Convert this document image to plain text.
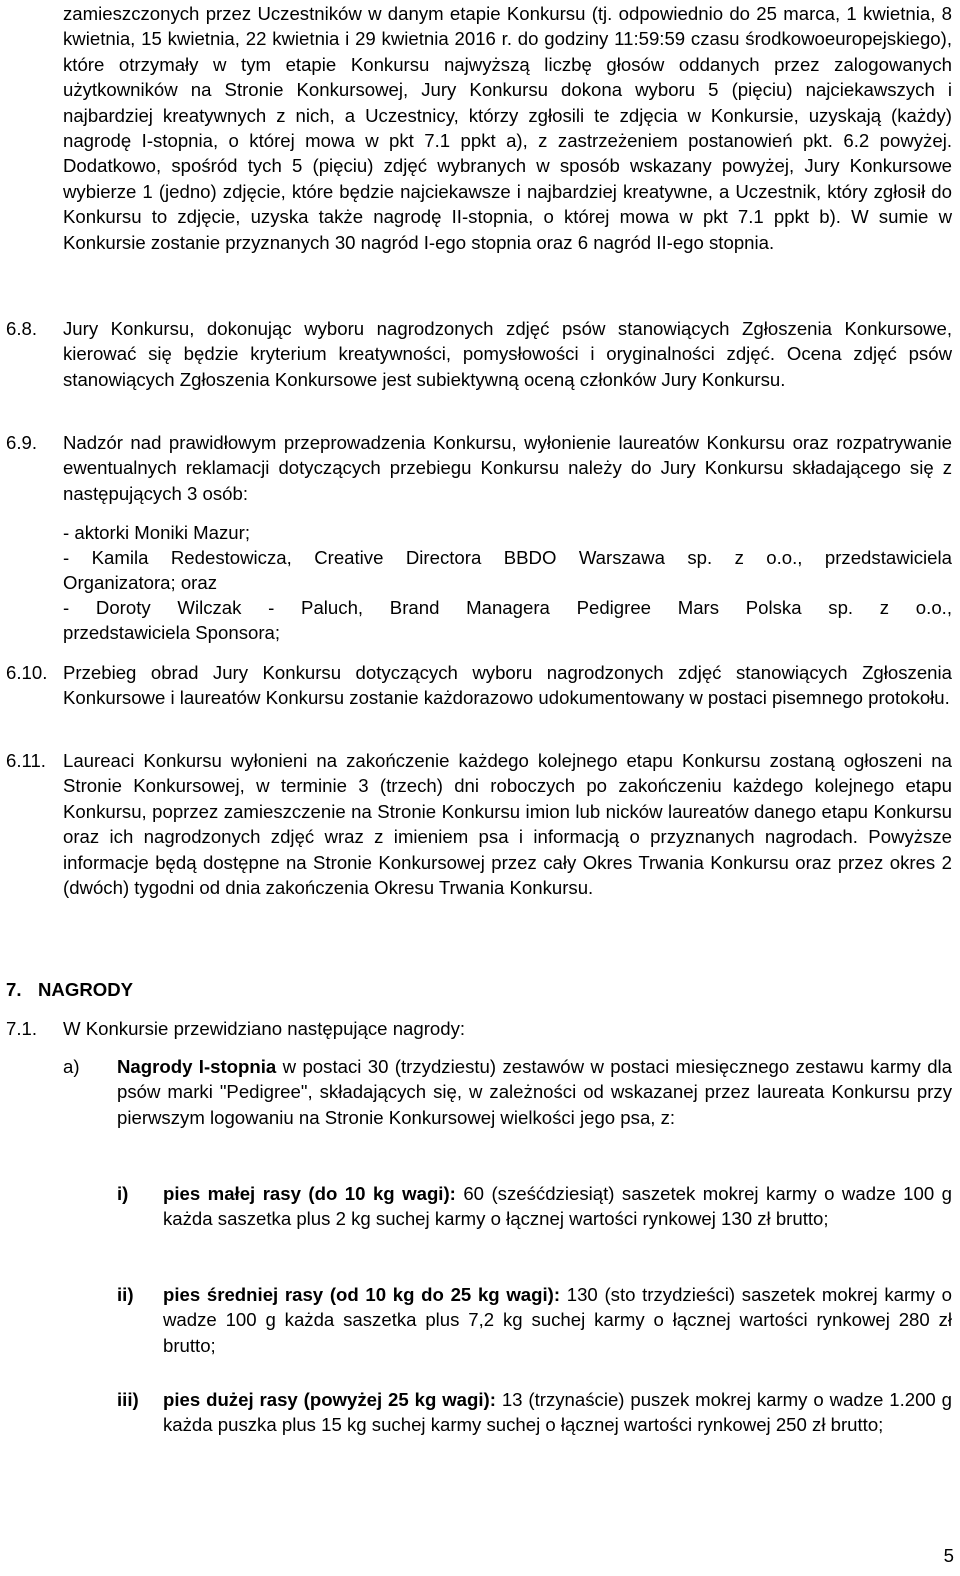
zamieszczonych przez Uczestników w danym etapie Konkursu (tj. odpowiednio do 25 marca, 1 kwietnia, 8 kwietnia, 15 kwietnia, 22 kwietnia i 29 kwietnia 2016 r. do godziny 11:59:59 czasu środkowoeuropejskiego), które otrzymały w tym etapie Konkursu najwyższą liczbę głosów oddanych przez zalogowanych użytkowników na Stronie Konkursowej, Jury Konkursu dokona wyboru 5 (pięciu) najciekawszych i najbardziej kreatywnych z nich, a Uczestnicy, którzy zgłosili te zdjęcia w Konkursie, uzyskają (każdy) nagrodę I-stopnia, o której mowa w pkt 7.1 ppkt a), z zastrzeżeniem postanowień pkt. 6.2 powyżej. Dodatkowo, spośród tych 5 (pięciu) zdjęć wybranych w sposób wskazany powyżej, Jury Konkursowe wybierze 1 (jedno) zdjęcie, które będzie najciekawsze i najbardziej kreatywne, a Uczestnik, który zgłosił do Konkursu to zdjęcie, uzyska także nagrodę II-stopnia, o której mowa w pkt 7.1 ppkt b). W sumie w Konkursie zostanie przyznanych 30 nagród I-ego stopnia oraz 6 nagród II-ego stopnia.

6.8. Jury Konkursu, dokonując wyboru nagrodzonych zdjęć psów stanowiących Zgłoszenia Konkursowe, kierować się będzie kryterium kreatywności, pomysłowości i oryginalności zdjęć. Ocena zdjęć psów stanowiących Zgłoszenia Konkursowe jest subiektywną oceną członków Jury Konkursu.

6.9. Nadzór nad prawidłowym przeprowadzenia Konkursu, wyłonienie laureatów Konkursu oraz rozpatrywanie ewentualnych reklamacji dotyczących przebiegu Konkursu należy do Jury Konkursu składającego się z następujących 3 osób:

- aktorki Moniki Mazur;

- Kamila Redestowicza, Creative Directora BBDO Warszawa sp. z o.o., przedstawiciela

Organizatora; oraz

- Doroty Wilczak - Paluch, Brand Managera Pedigree Mars Polska sp. z o.o.,

przedstawiciela Sponsora;

6.10. Przebieg obrad Jury Konkursu dotyczących wyboru nagrodzonych zdjęć stanowiących Zgłoszenia Konkursowe i laureatów Konkursu zostanie każdorazowo udokumentowany w postaci pisemnego protokołu.

6.11. Laureaci Konkursu wyłonieni na zakończenie każdego kolejnego etapu Konkursu zostaną ogłoszeni na Stronie Konkursowej, w terminie 3 (trzech) dni roboczych po zakończeniu każdego kolejnego etapu Konkursu, poprzez zamieszczenie na Stronie Konkursu imion lub nicków laureatów danego etapu Konkursu oraz ich nagrodzonych zdjęć wraz z imieniem psa i informacją o przyznanych nagrodach. Powyższe informacje będą dostępne na Stronie Konkursowej przez cały Okres Trwania Konkursu oraz przez okres 2 (dwóch) tygodni od dnia zakończenia Okresu Trwania Konkursu.

7. NAGRODY

7.1. W Konkursie przewidziano następujące nagrody:

a) Nagrody I-stopnia w postaci 30 (trzydziestu) zestawów w postaci miesięcznego zestawu karmy dla psów marki "Pedigree", składających się, w zależności od wskazanej przez laureata Konkursu przy pierwszym logowaniu na Stronie Konkursowej wielkości jego psa, z:

i) pies małej rasy (do 10 kg wagi): 60 (sześćdziesiąt) saszetek mokrej karmy o wadze 100 g każda saszetka plus 2 kg suchej karmy o łącznej wartości rynkowej 130 zł brutto;

ii) pies średniej rasy (od 10 kg do 25 kg wagi): 130 (sto trzydzieści) saszetek mokrej karmy o wadze 100 g każda saszetka plus 7,2 kg suchej karmy o łącznej wartości rynkowej 280 zł brutto;

iii) pies dużej rasy (powyżej 25 kg wagi): 13 (trzynaście) puszek mokrej karmy o wadze 1.200 g każda puszka plus 15 kg suchej karmy suchej o łącznej wartości rynkowej 250 zł brutto;

5
